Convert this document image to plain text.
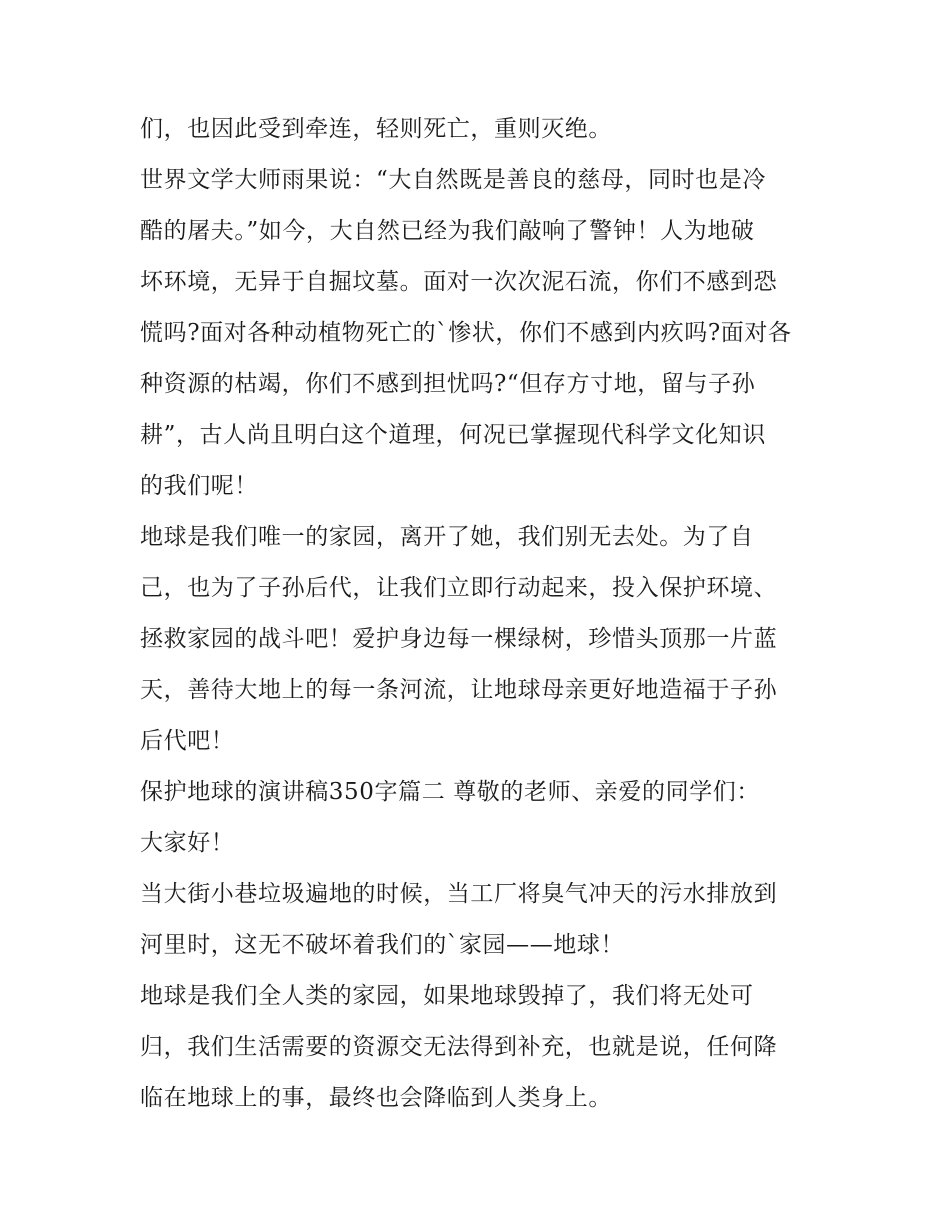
们，也因此受到牵连，轻则死亡，重则灭绝。
世界文学大师雨果说：“大自然既是善良的慈母，同时也是冷
酷的屠夫。”如今，大自然已经为我们敲响了警钟！人为地破
坏环境，无异于自掘坟墓。面对一次次泥石流，你们不感到恐
慌吗?面对各种动植物死亡的`惨状，你们不感到内疚吗?面对各
种资源的枯竭，你们不感到担忧吗?“但存方寸地，留与子孙
耕”，古人尚且明白这个道理，何况已掌握现代科学文化知识
的我们呢！
地球是我们唯一的家园，离开了她，我们别无去处。为了自
己，也为了子孙后代，让我们立即行动起来，投入保护环境、
拯救家园的战斗吧！爱护身边每一棵绿树，珍惜头顶那一片蓝
天，善待大地上的每一条河流，让地球母亲更好地造福于子孙
后代吧！
保护地球的演讲稿350字篇二 尊敬的老师、亲爱的同学们：
大家好！
当大街小巷垃圾遍地的时候，当工厂将臭气冲天的污水排放到
河里时，这无不破坏着我们的`家园——地球！
地球是我们全人类的家园，如果地球毁掉了，我们将无处可
归，我们生活需要的资源交无法得到补充，也就是说，任何降
临在地球上的事，最终也会降临到人类身上。
